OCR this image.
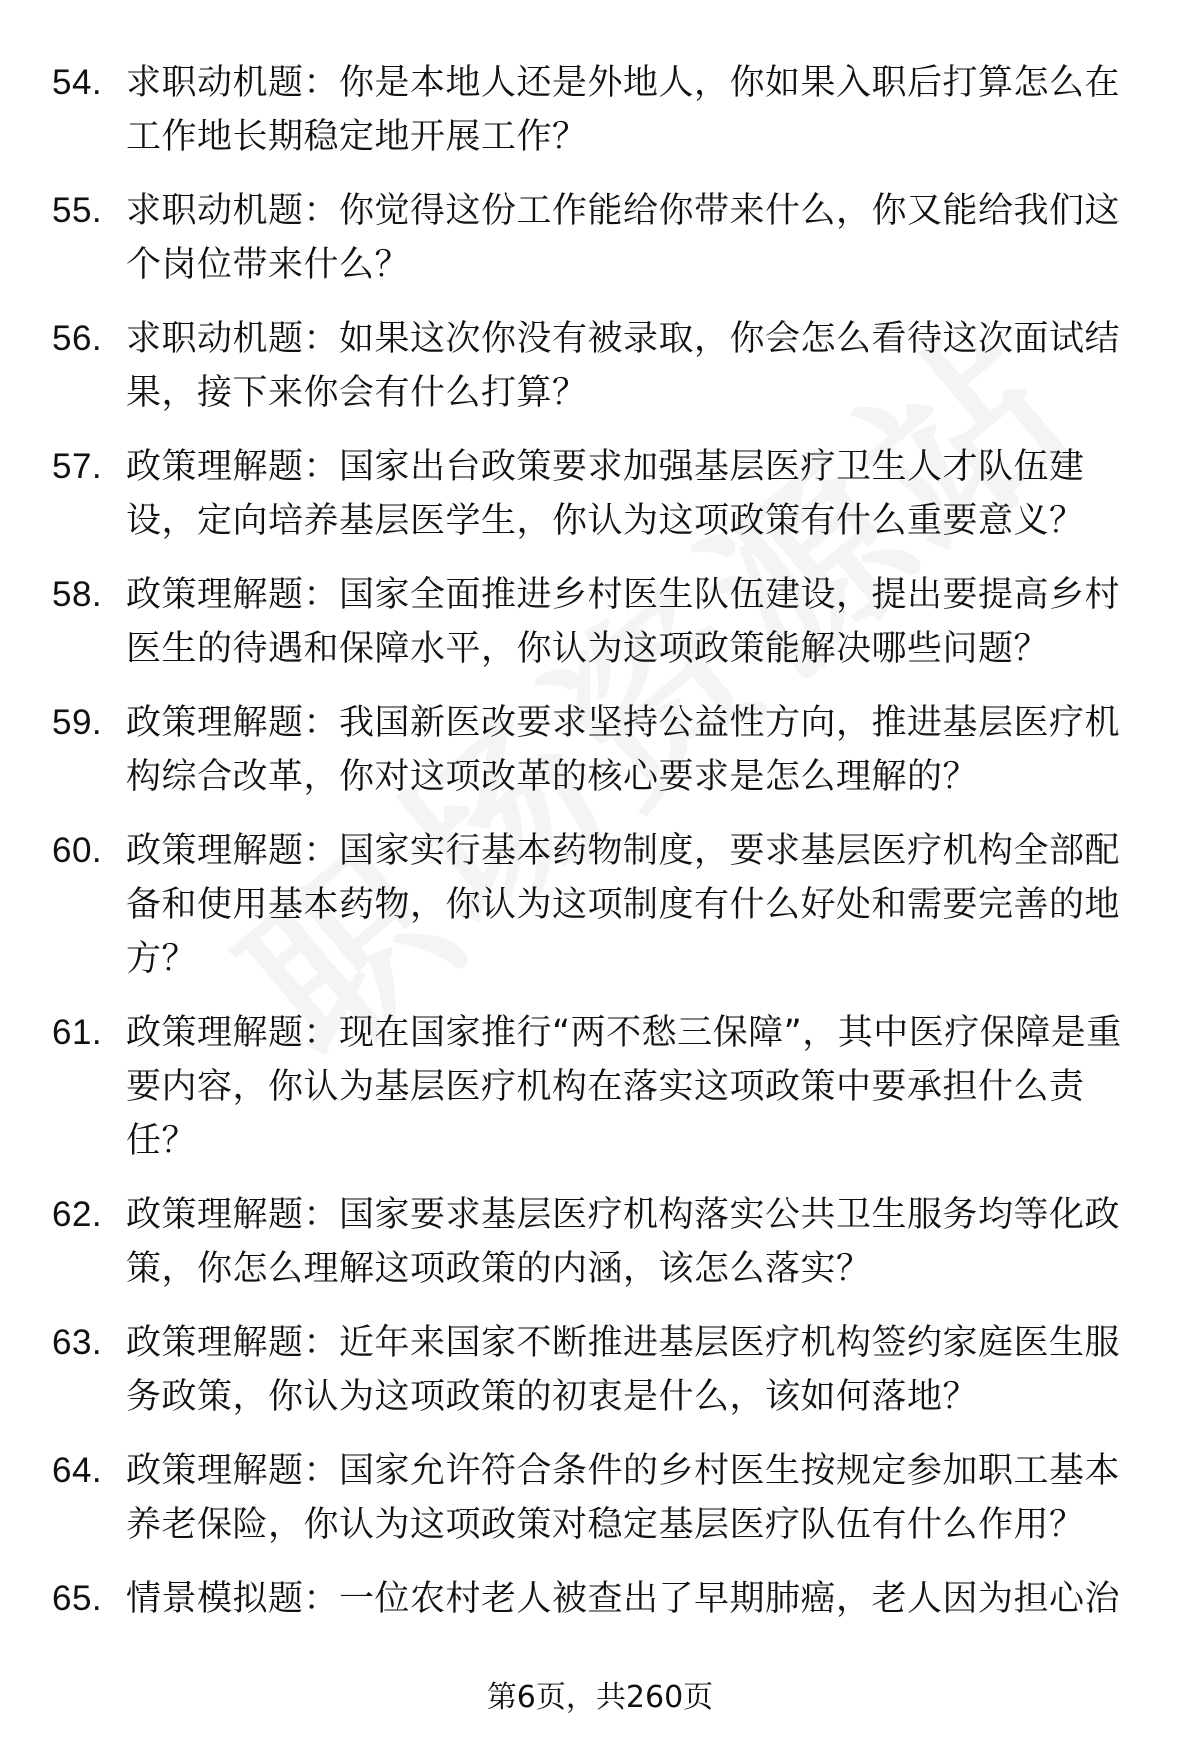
54. 求职动机题：你是本地人还是外地人，你如果入职后打算怎么在工作地长期稳定地开展工作？
55. 求职动机题：你觉得这份工作能给你带来什么，你又能给我们这个岗位带来什么？
56. 求职动机题：如果这次你没有被录取，你会怎么看待这次面试结果，接下来你会有什么打算？
57. 政策理解题：国家出台政策要求加强基层医疗卫生人才队伍建设，定向培养基层医学生，你认为这项政策有什么重要意义？
58. 政策理解题：国家全面推进乡村医生队伍建设，提出要提高乡村医生的待遇和保障水平，你认为这项政策能解决哪些问题？
59. 政策理解题：我国新医改要求坚持公益性方向，推进基层医疗机构综合改革，你对这项改革的核心要求是怎么理解的？
60. 政策理解题：国家实行基本药物制度，要求基层医疗机构全部配备和使用基本药物，你认为这项制度有什么好处和需要完善的地方？
61. 政策理解题：现在国家推行“两不愁三保障”，其中医疗保障是重要内容，你认为基层医疗机构在落实这项政策中要承担什么责任？
62. 政策理解题：国家要求基层医疗机构落实公共卫生服务均等化政策，你怎么理解这项政策的内涵，该怎么落实？
63. 政策理解题：近年来国家不断推进基层医疗机构签约家庭医生服务政策，你认为这项政策的初衷是什么，该如何落地？
64. 政策理解题：国家允许符合条件的乡村医生按规定参加职工基本养老保险，你认为这项政策对稳定基层医疗队伍有什么作用？
65. 情景模拟题：一位农村老人被查出了早期肺癌，老人因为担心治
第6页，共260页
